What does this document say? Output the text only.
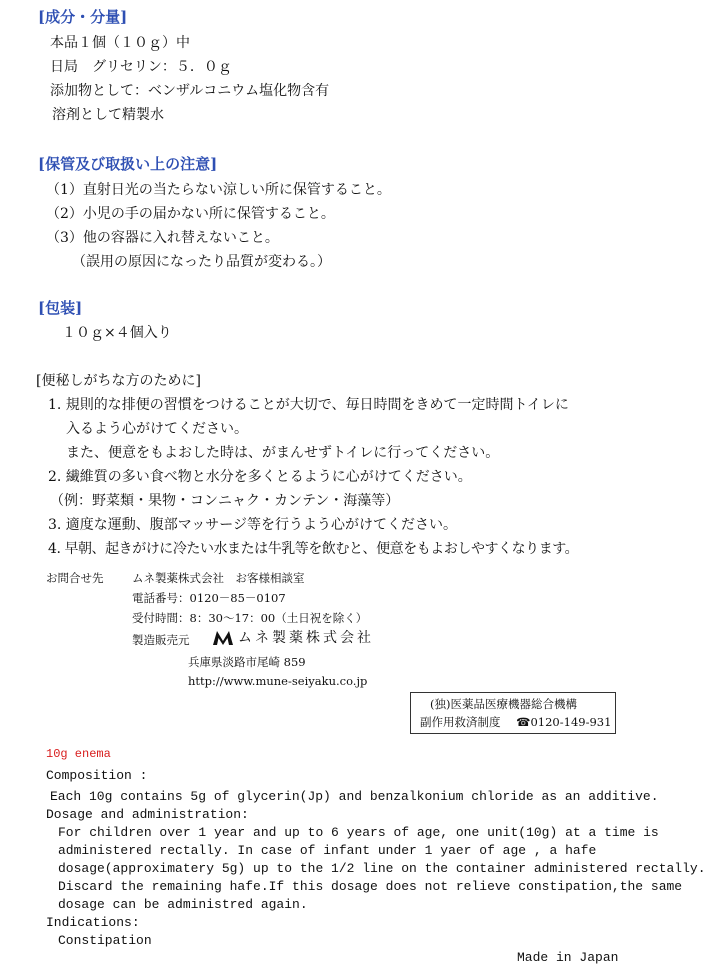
[成分・分量]
本品１個（１０ｇ）中
日局　グリセリン：５．０ｇ
添加物として：ベンザルコニウム塩化物含有
溶剤として精製水
[保管及び取扱い上の注意]
（1）直射日光の当たらない涼しい所に保管すること。
（2）小児の手の届かない所に保管すること。
（3）他の容器に入れ替えないこと。
（誤用の原因になったり品質が変わる。）
[包装]
１０ｇ×４個入り
[便秘しがちな方のために]
1. 規則的な排便の習慣をつけることが大切で、毎日時間をきめて一定時間トイレに
入るよう心がけてください。
また、便意をもよおした時は、がまんせずトイレに行ってください。
2. 繊維質の多い食べ物と水分を多くとるように心がけてください。
（例：野菜類・果物・コンニャク・カンテン・海藻等）
3. 適度な運動、腹部マッサージ等を行うよう心がけてください。
4. 早朝、起きがけに冷たい水または牛乳等を飲むと、便意をもよおしやすくなります。
お問合せ先 ムネ製薬株式会社　お客様相談室
電話番号：0120－85－0107
受付時間：8：30～17：00（土日祝を除く）
製造販売元	ムネ製薬株式会社
兵庫県淡路市尾崎 859
http://www.mune-seiyaku.co.jp
(独)医薬品医療機器総合機構
副作用救済制度 ☎0120-149-931
10g enema
Composition :
Each 10g contains 5g of glycerin(Jp) and benzalkonium chloride as an additive.
Dosage and administration:
For children over 1 year and up to 6 years of age, one unit(10g) at a time is
administered rectally. In case of infant under 1 yaer of age , a hafe
dosage(approximatery 5g) up to the 1/2 line on the container administered rectally.
Discard the remaining hafe.If this dosage does not relieve constipation,the same
dosage can be administred again.
Indications:
Constipation
Made in Japan
